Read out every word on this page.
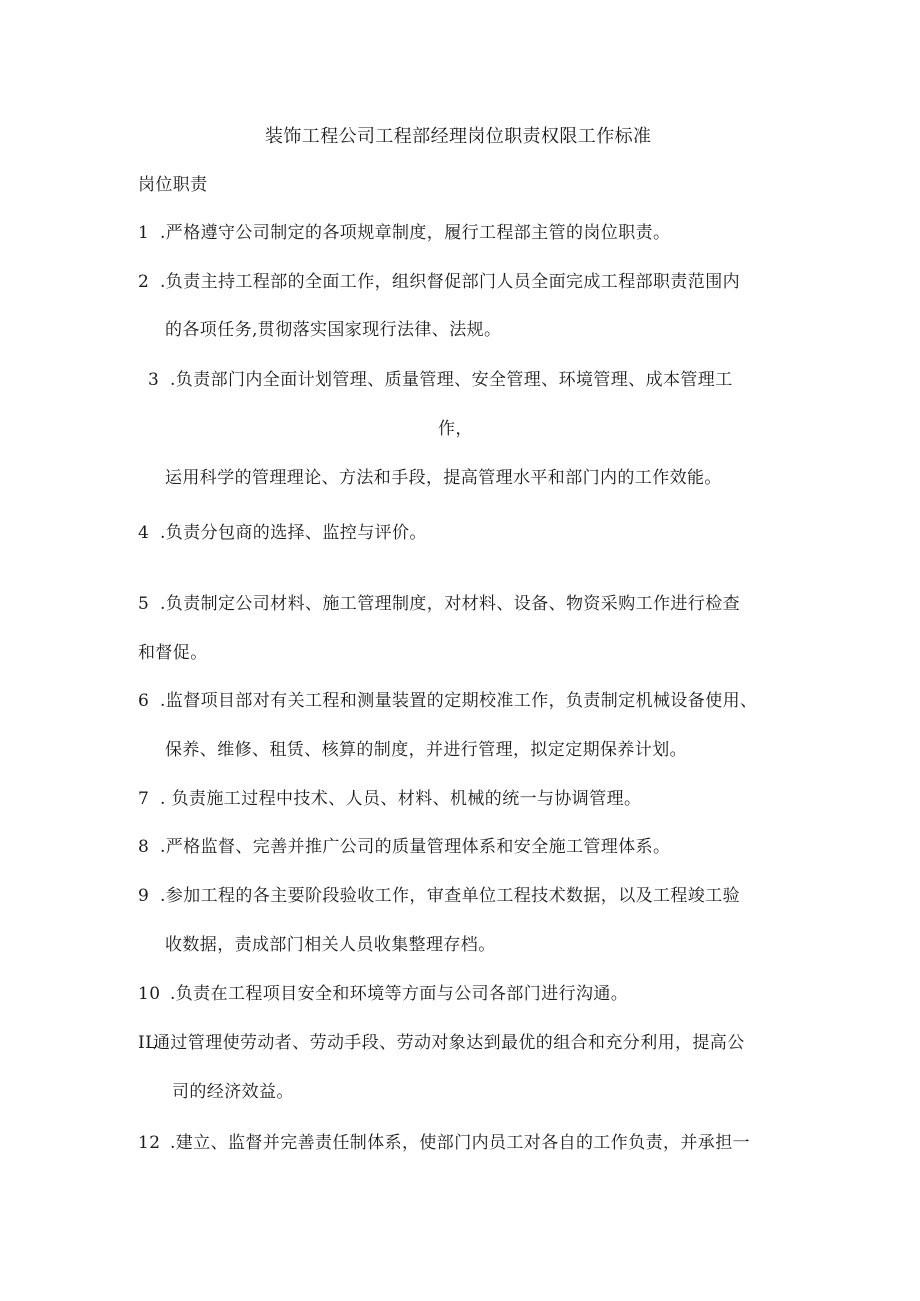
装饰工程公司工程部经理岗位职责权限工作标准
岗位职责
1 .严格遵守公司制定的各项规章制度，履行工程部主管的岗位职责。
2 .负责主持工程部的全面工作，组织督促部门人员全面完成工程部职责范围内
的各项任务,贯彻落实国家现行法律、法规。
3 .负责部门内全面计划管理、质量管理、安全管理、环境管理、成本管理工
作，
运用科学的管理理论、方法和手段，提高管理水平和部门内的工作效能。
4 .负责分包商的选择、监控与评价。
5 .负责制定公司材料、施工管理制度，对材料、设备、物资采购工作进行检查
和督促。
6 .监督项目部对有关工程和测量装置的定期校准工作，负责制定机械设备使用、
保养、维修、租赁、核算的制度，并进行管理，拟定定期保养计划。
7 . 负责施工过程中技术、人员、材料、机械的统一与协调管理。
8 .严格监督、完善并推广公司的质量管理体系和安全施工管理体系。
9 .参加工程的各主要阶段验收工作，审查单位工程技术数据，以及工程竣工验
收数据，责成部门相关人员收集整理存档。
10 .负责在工程项目安全和环境等方面与公司各部门进行沟通。
IL通过管理使劳动者、劳动手段、劳动对象达到最优的组合和充分利用，提高公
司的经济效益。
12 .建立、监督并完善责任制体系，使部门内员工对各自的工作负责，并承担一
